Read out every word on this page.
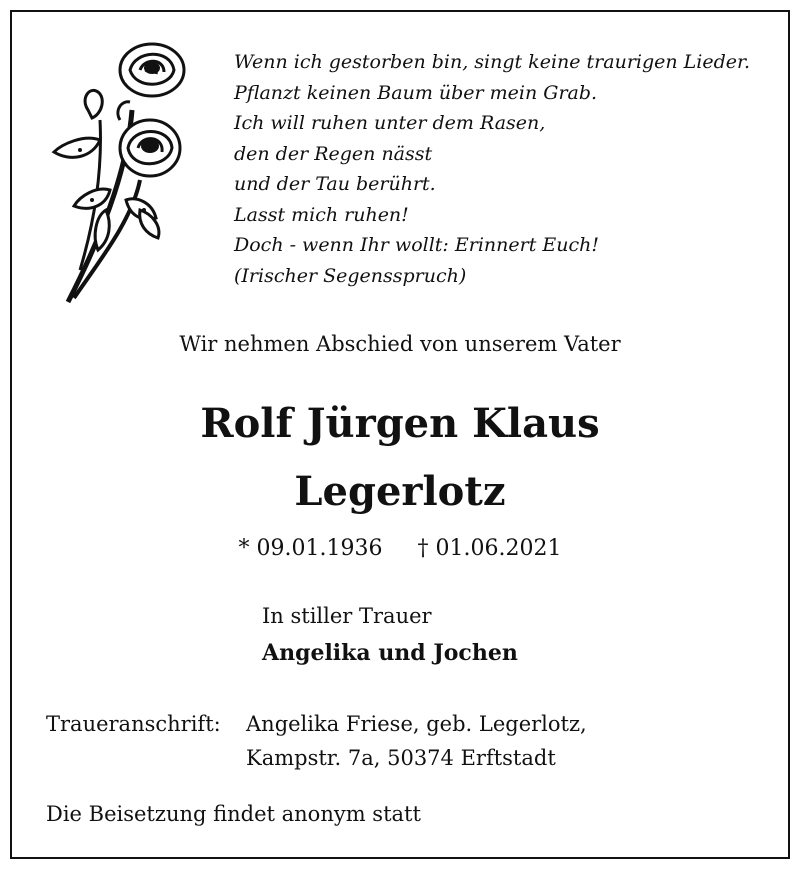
Wenn ich gestorben bin, singt keine traurigen Lieder.
Pflanzt keinen Baum über mein Grab.
Ich will ruhen unter dem Rasen,
den der Regen nässt
und der Tau berührt.
Lasst mich ruhen!
Doch - wenn Ihr wollt: Erinnert Euch!
(Irischer Segensspruch)
Wir nehmen Abschied von unserem Vater
Rolf Jürgen Klaus
Legerlotz
* 09.01.1936 † 01.06.2021
In stiller Trauer
Angelika und Jochen
Traueranschrift: Angelika Friese, geb. Legerlotz,
Kampstr. 7a, 50374 Erftstadt
Die Beisetzung findet anonym statt
